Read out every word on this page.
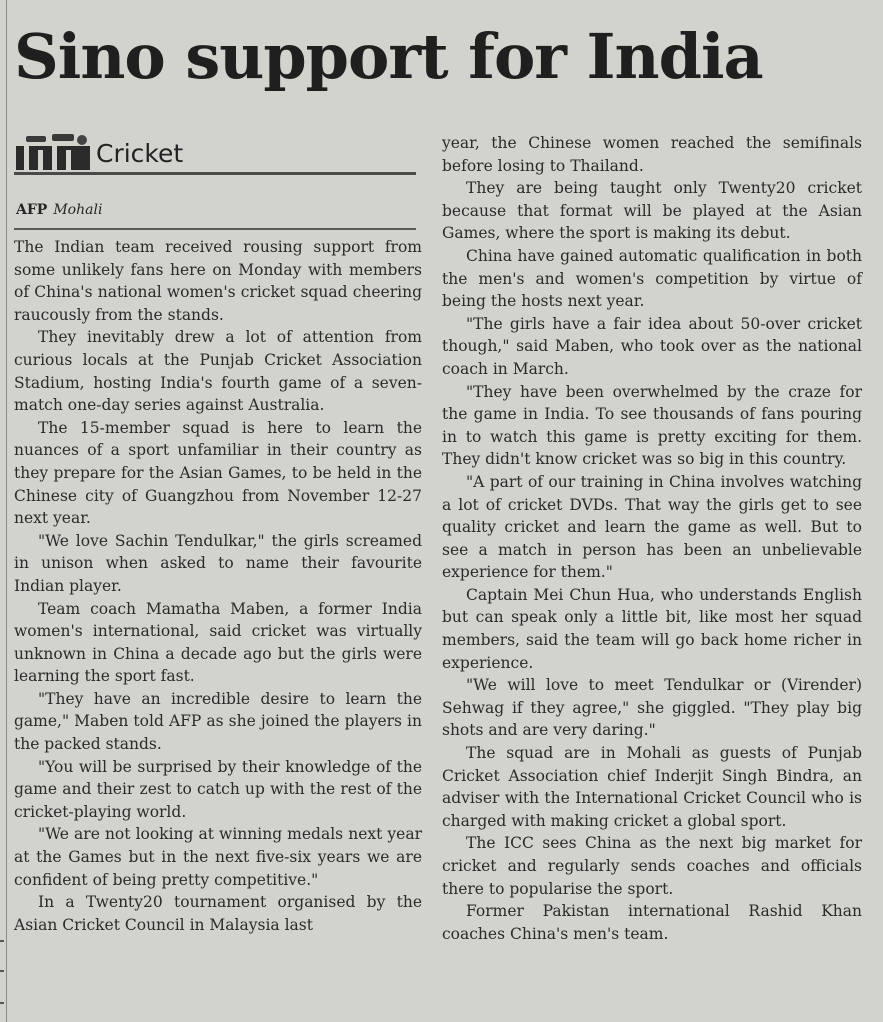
Sino support for India
Cricket
AFP Mohali

The Indian team received rousing support from some unlikely fans here on Monday with members of China's national women's cricket squad cheering raucously from the stands.

They inevitably drew a lot of attention from curious locals at the Punjab Cricket Association Stadium, hosting India's fourth game of a seven-match one-day series against Australia.

The 15-member squad is here to learn the nuances of a sport unfamiliar in their country as they prepare for the Asian Games, to be held in the Chinese city of Guangzhou from November 12-27 next year.

"We love Sachin Tendulkar," the girls screamed in unison when asked to name their favourite Indian player.

Team coach Mamatha Maben, a former India women's international, said cricket was virtually unknown in China a decade ago but the girls were learning the sport fast.

"They have an incredible desire to learn the game," Maben told AFP as she joined the players in the packed stands.

"You will be surprised by their knowledge of the game and their zest to catch up with the rest of the cricket-playing world.

"We are not looking at winning medals next year at the Games but in the next five-six years we are confident of being pretty competitive."

In a Twenty20 tournament organised by the Asian Cricket Council in Malaysia last

year, the Chinese women reached the semifinals before losing to Thailand.

They are being taught only Twenty20 cricket because that format will be played at the Asian Games, where the sport is making its debut.

China have gained automatic qualification in both the men's and women's competition by virtue of being the hosts next year.

"The girls have a fair idea about 50-over cricket though," said Maben, who took over as the national coach in March.

"They have been overwhelmed by the craze for the game in India. To see thousands of fans pouring in to watch this game is pretty exciting for them. They didn't know cricket was so big in this country.

"A part of our training in China involves watching a lot of cricket DVDs. That way the girls get to see quality cricket and learn the game as well. But to see a match in person has been an unbelievable experience for them."

Captain Mei Chun Hua, who understands English but can speak only a little bit, like most her squad members, said the team will go back home richer in experience.

"We will love to meet Tendulkar or (Virender) Sehwag if they agree," she giggled. "They play big shots and are very daring."

The squad are in Mohali as guests of Punjab Cricket Association chief Inderjit Singh Bindra, an adviser with the International Cricket Council who is charged with making cricket a global sport.

The ICC sees China as the next big market for cricket and regularly sends coaches and officials there to popularise the sport.

Former Pakistan international Rashid Khan coaches China's men's team.
